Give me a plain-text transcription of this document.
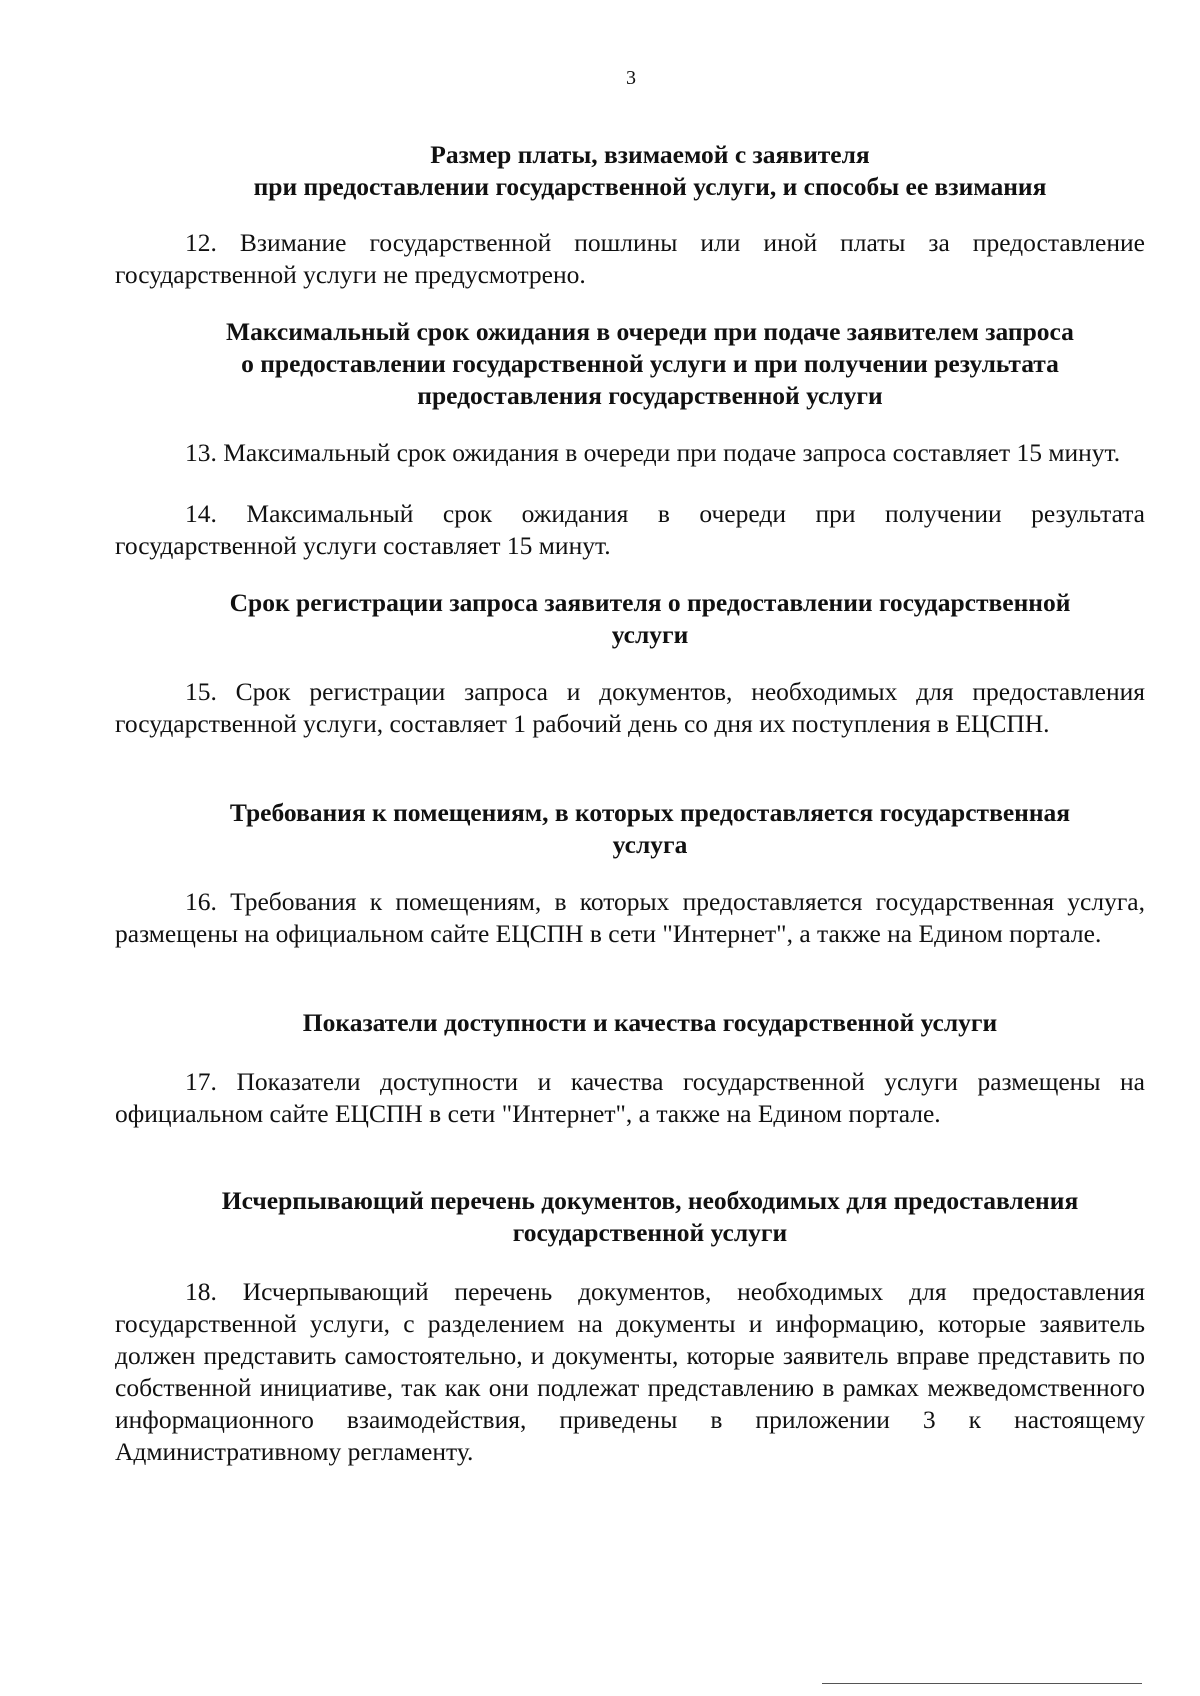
3
Размер платы, взимаемой с заявителя
при предоставлении государственной услуги, и способы ее взимания
12. Взимание государственной пошлины или иной платы за предоставление государственной услуги не предусмотрено.
Максимальный срок ожидания в очереди при подаче заявителем запроса
о предоставлении государственной услуги и при получении результата
предоставления государственной услуги
13. Максимальный срок ожидания в очереди при подаче запроса составляет 15 минут.
14. Максимальный срок ожидания в очереди при получении результата государственной услуги составляет 15 минут.
Срок регистрации запроса заявителя о предоставлении государственной
услуги
15. Срок регистрации запроса и документов, необходимых для предоставления государственной услуги, составляет 1 рабочий день со дня их поступления в ЕЦСПН.
Требования к помещениям, в которых предоставляется государственная
услуга
16. Требования к помещениям, в которых предоставляется государственная услуга, размещены на официальном сайте ЕЦСПН в сети "Интернет", а также на Едином портале.
Показатели доступности и качества государственной услуги
17. Показатели доступности и качества государственной услуги размещены на официальном сайте ЕЦСПН в сети "Интернет", а также на Едином портале.
Исчерпывающий перечень документов, необходимых для предоставления
государственной услуги
18. Исчерпывающий перечень документов, необходимых для предоставления государственной услуги, с разделением на документы и информацию, которые заявитель должен представить самостоятельно, и документы, которые заявитель вправе представить по собственной инициативе, так как они подлежат представлению в рамках межведомственного информационного взаимодействия, приведены в приложении 3 к настоящему Административному регламенту.
